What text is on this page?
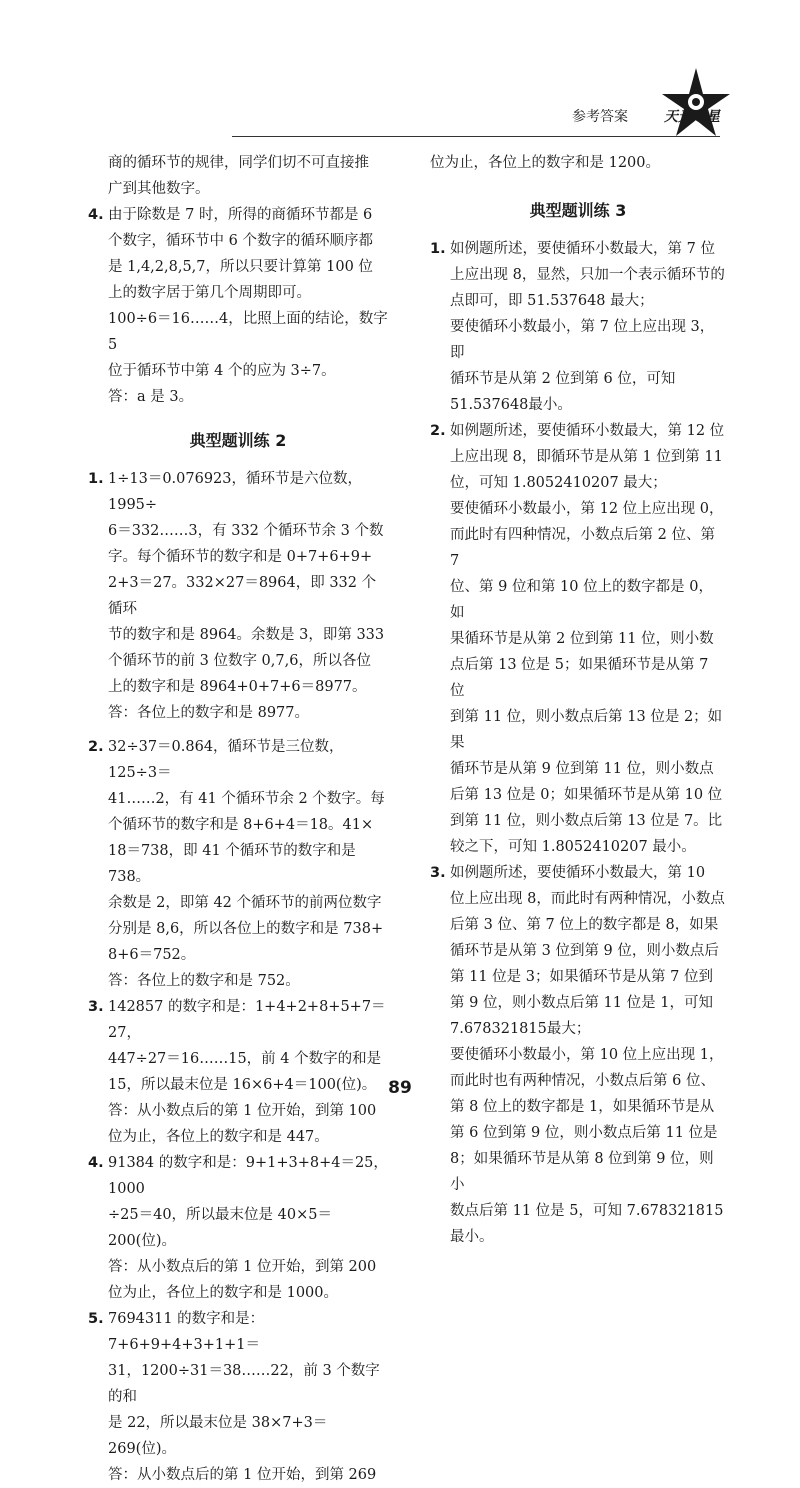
参考答案	天天之星

商的循环节的规律，同学们切不可直接推
广到其他数字。

4. 由于除数是 7 时，所得的商循环节都是 6
个数字，循环节中 6 个数字的循环顺序都
是 1,4,2,8,5,7，所以只要计算第 100 位
上的数字居于第几个周期即可。
100÷6＝16……4，比照上面的结论，数字 5
位于循环节中第 4 个的应为 3÷7。
答：a 是 3。
典型题训练 2
1. 1÷13＝0.076923，循环节是六位数，1995÷
6＝332……3，有 332 个循环节余 3 个数
字。每个循环节的数字和是 0+7+6+9+
2+3＝27。332×27＝8964，即 332 个循环
节的数字和是 8964。余数是 3，即第 333
个循环节的前 3 位数字 0,7,6，所以各位
上的数字和是 8964+0+7+6＝8977。
答：各位上的数字和是 8977。
2. 32÷37＝0.864，循环节是三位数，125÷3＝
41……2，有 41 个循环节余 2 个数字。每
个循环节的数字和是 8+6+4＝18。41×
18＝738，即 41 个循环节的数字和是 738。
余数是 2，即第 42 个循环节的前两位数字
分别是 8,6，所以各位上的数字和是 738+
8+6＝752。
答：各位上的数字和是 752。
3. 142857 的数字和是：1+4+2+8+5+7＝27，
447÷27＝16……15，前 4 个数字的和是
15，所以最末位是 16×6+4＝100(位)。
答：从小数点后的第 1 位开始，到第 100
位为止，各位上的数字和是 447。
4. 91384 的数字和是：9+1+3+8+4＝25，1000
÷25＝40，所以最末位是 40×5＝200(位)。
答：从小数点后的第 1 位开始，到第 200
位为止，各位上的数字和是 1000。
5. 7694311 的数字和是：7+6+9+4+3+1+1＝
31，1200÷31＝38……22，前 3 个数字的和
是 22，所以最末位是 38×7+3＝269(位)。
答：从小数点后的第 1 位开始，到第 269

位为止，各位上的数字和是 1200。

典型题训练 3
1. 如例题所述，要使循环小数最大，第 7 位
上应出现 8，显然，只加一个表示循环节的
点即可，即 51.537648 最大；
要使循环小数最小，第 7 位上应出现 3，即
循环节是从第 2 位到第 6 位，可知
51.537648最小。
2. 如例题所述，要使循环小数最大，第 12 位
上应出现 8，即循环节是从第 1 位到第 11
位，可知 1.8052410207 最大；
要使循环小数最小，第 12 位上应出现 0，
而此时有四种情况，小数点后第 2 位、第 7
位、第 9 位和第 10 位上的数字都是 0，如
果循环节是从第 2 位到第 11 位，则小数
点后第 13 位是 5；如果循环节是从第 7 位
到第 11 位，则小数点后第 13 位是 2；如果
循环节是从第 9 位到第 11 位，则小数点
后第 13 位是 0；如果循环节是从第 10 位
到第 11 位，则小数点后第 13 位是 7。比
较之下，可知 1.8052410207 最小。
3. 如例题所述，要使循环小数最大，第 10
位上应出现 8，而此时有两种情况，小数点
后第 3 位、第 7 位上的数字都是 8，如果
循环节是从第 3 位到第 9 位，则小数点后
第 11 位是 3；如果循环节是从第 7 位到
第 9 位，则小数点后第 11 位是 1，可知
7.678321815最大；
要使循环小数最小，第 10 位上应出现 1，
而此时也有两种情况，小数点后第 6 位、
第 8 位上的数字都是 1，如果循环节是从
第 6 位到第 9 位，则小数点后第 11 位是
8；如果循环节是从第 8 位到第 9 位，则小
数点后第 11 位是 5，可知 7.678321815
最小。
89
